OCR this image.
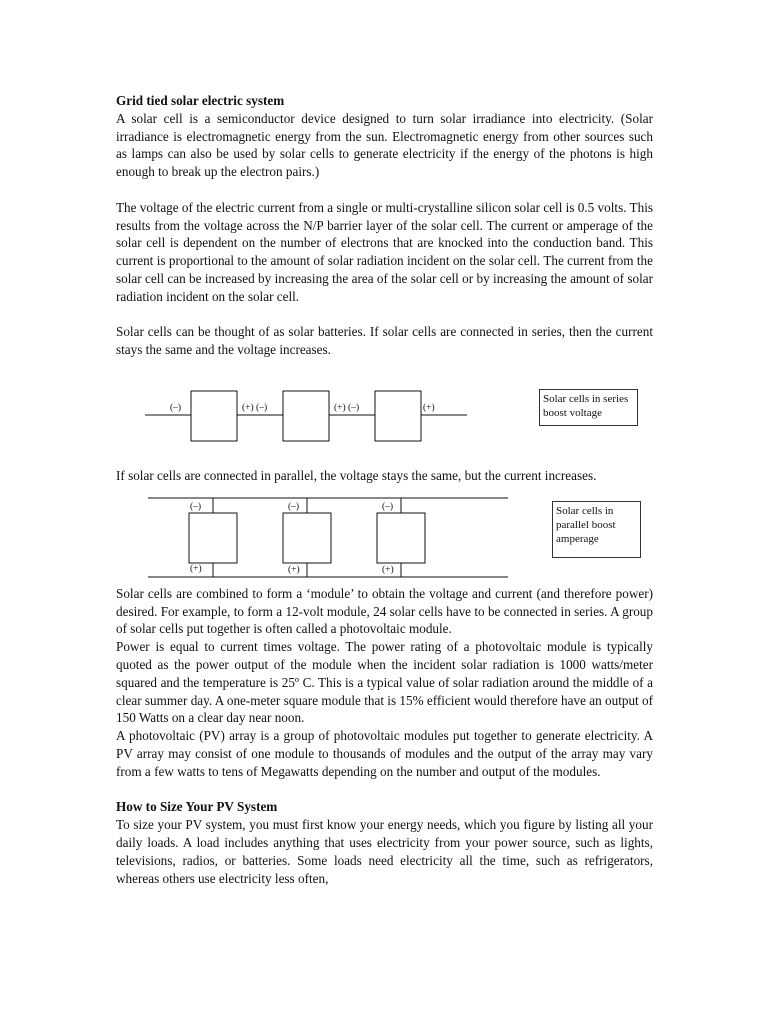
Grid tied solar electric system

A solar cell is a semiconductor device designed to turn solar irradiance into electricity. (Solar irradiance is electromagnetic energy from the sun. Electromagnetic energy from other sources such as lamps can also be used by solar cells to generate electricity if the energy of the photons is high enough to break up the electron pairs.)

The voltage of the electric current from a single or multi-crystalline silicon solar cell is 0.5 volts. This results from the voltage across the N/P barrier layer of the solar cell. The current or amperage of the solar cell is dependent on the number of electrons that are knocked into the conduction band. This current is proportional to the amount of solar radiation incident on the solar cell. The current from the solar cell can be increased by increasing the area of the solar cell or by increasing the amount of solar radiation incident on the solar cell.

Solar cells can be thought of as solar batteries. If solar cells are connected in series, then the current stays the same and the voltage increases.

(–)	(+) (–)	(+) (–)	(+)
Solar cells in series boost voltage

If solar cells are connected in parallel, the voltage stays the same, but the current increases.

(–)	(–)	(–)
(+)	(+)	(+)
Solar cells in parallel boost amperage

Solar cells are combined to form a ‘module’ to obtain the voltage and current (and therefore power) desired. For example, to form a 12-volt module, 24 solar cells have to be connected in series. A group of solar cells put together is often called a photovoltaic module.

Power is equal to current times voltage. The power rating of a photovoltaic module is typically quoted as the power output of the module when the incident solar radiation is 1000 watts/meter squared and the temperature is 25º C. This is a typical value of solar radiation around the middle of a clear summer day. A one-meter square module that is 15% efficient would therefore have an output of 150 Watts on a clear day near noon.

A photovoltaic (PV) array is a group of photovoltaic modules put together to generate electricity. A PV array may consist of one module to thousands of modules and the output of the array may vary from a few watts to tens of Megawatts depending on the number and output of the modules.

How to Size Your PV System

To size your PV system, you must first know your energy needs, which you figure by listing all your daily loads. A load includes anything that uses electricity from your power source, such as lights, televisions, radios, or batteries. Some loads need electricity all the time, such as refrigerators, whereas others use electricity less often,
